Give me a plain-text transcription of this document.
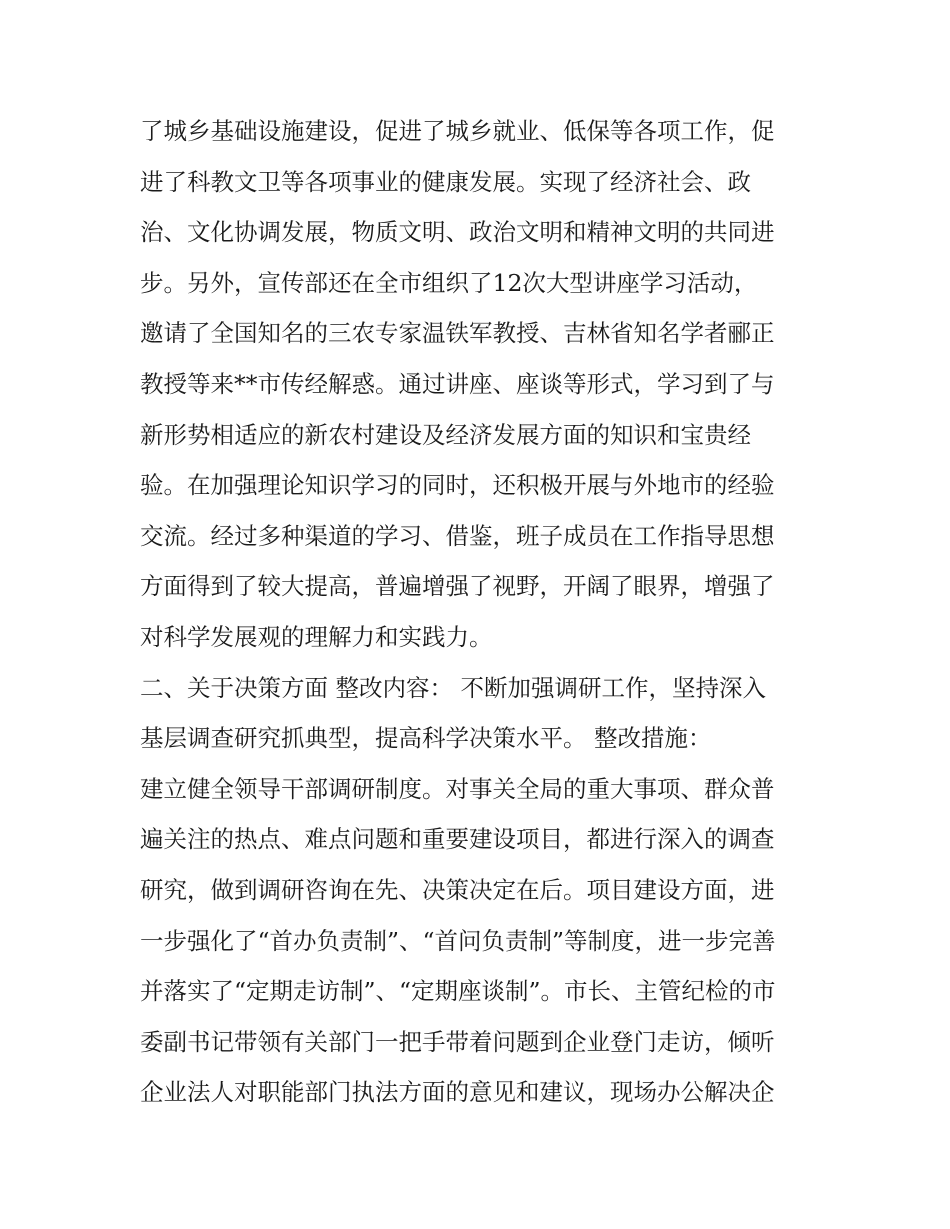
了城乡基础设施建设，促进了城乡就业、低保等各项工作，促
进了科教文卫等各项事业的健康发展。实现了经济社会、政
治、文化协调发展，物质文明、政治文明和精神文明的共同进
步。另外，宣传部还在全市组织了12次大型讲座学习活动，
邀请了全国知名的三农专家温铁军教授、吉林省知名学者郦正
教授等来**市传经解惑。通过讲座、座谈等形式，学习到了与
新形势相适应的新农村建设及经济发展方面的知识和宝贵经
验。在加强理论知识学习的同时，还积极开展与外地市的经验
交流。经过多种渠道的学习、借鉴，班子成员在工作指导思想
方面得到了较大提高，普遍增强了视野，开阔了眼界，增强了
对科学发展观的理解力和实践力。
二、关于决策方面 整改内容： 不断加强调研工作，坚持深入
基层调查研究抓典型，提高科学决策水平。 整改措施：
建立健全领导干部调研制度。对事关全局的重大事项、群众普
遍关注的热点、难点问题和重要建设项目，都进行深入的调查
研究，做到调研咨询在先、决策决定在后。项目建设方面，进
一步强化了“首办负责制”、“首问负责制”等制度，进一步完善
并落实了“定期走访制”、“定期座谈制”。市长、主管纪检的市
委副书记带领有关部门一把手带着问题到企业登门走访，倾听
企业法人对职能部门执法方面的意见和建议，现场办公解决企
